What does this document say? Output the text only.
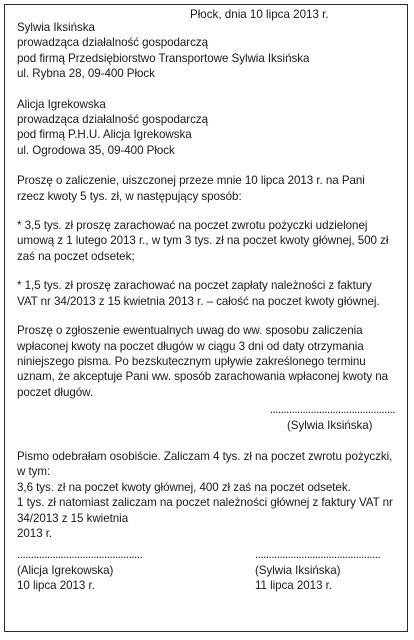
Sylwia Iksińska
prowadząca działalność gospodarczą
pod firmą Przedsiębiorstwo Transportowe Sylwia Iksińska
ul. Rybna 28, 09-400 Płock
Alicja Igrekowska
prowadząca działalność gospodarczą
pod firmą P.H.U. Alicja Igrekowska
ul. Ogrodowa 35, 09-400 Płock

Proszę o zaliczenie, uiszczonej przeze mnie 10 lipca 2013 r. na Pani rzecz kwoty 5 tys. zł, w następujący sposób:

* 3,5 tys. zł proszę zarachować na poczet zwrotu pożyczki udzielonej umową z 1 lutego 2013 r., w tym 3 tys. zł na poczet kwoty głównej, 500 zł zaś na poczet odsetek;

* 1,5 tys. zł proszę zarachować na poczet zapłaty należności z faktury VAT nr 34/2013 z 15 kwietnia 2013 r. – całość na poczet kwoty głównej.

Proszę o zgłoszenie ewentualnych uwag do ww. sposobu zaliczenia wpłaconej kwoty na poczet długów w ciągu 3 dni od daty otrzymania niniejszego pisma. Po bezskutecznym upływie zakreślonego terminu uznam, że akceptuje Pani ww. sposób zarachowania wpłaconej kwoty na poczet długów.

..............................................
(Sylwia Iksińska)

Pismo odebrałam osobiście. Zaliczam 4 tys. zł na poczet zwrotu pożyczki, w tym:

3,6 tys. zł na poczet kwoty głównej, 400 zł zaś na poczet odsetek.

1 tys. zł natomiast zaliczam na poczet należności głównej z faktury VAT nr 34/2013 z 15 kwietnia

2013 r.
..............................................	..............................................
(Alicja Igrekowska)	(Sylwia Iksińska)
10 lipca 2013 r.	11 lipca 2013 r.
Płock, dnia 10 lipca 2013 r.
